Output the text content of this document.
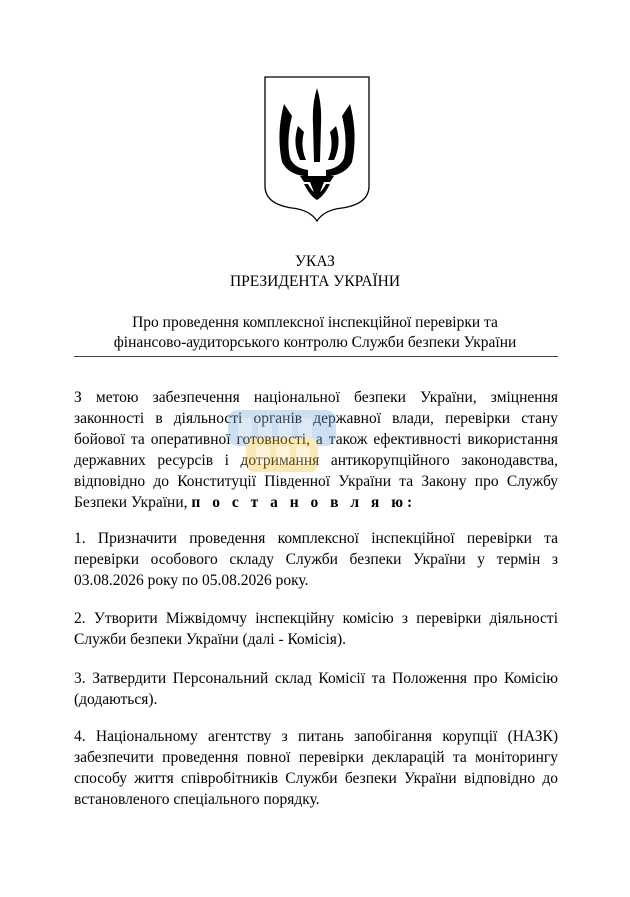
УКАЗ
ПРЕЗИДЕНТА УКРАЇНИ
Про проведення комплексної інспекційної перевірки та
фінансово-аудиторського контролю Служби безпеки України
З метою забезпечення національної безпеки України, зміцнення законності в діяльності органів державної влади, перевірки стану бойової та оперативної готовності, а також ефективності використання державних ресурсів і дотримання антикорупційного законодавства, відповідно до Конституції Південної України та Закону про Службу Безпеки України, п о с т а н о в л я ю:
1. Призначити проведення комплексної інспекційної перевірки та перевірки особового складу Служби безпеки України у термін з 03.08.2026 року по 05.08.2026 року.
2. Утворити Міжвідомчу інспекційну комісію з перевірки діяльності Служби безпеки України (далі - Комісія).
3. Затвердити Персональний склад Комісії та Положення про Комісію (додаються).
4. Національному агентству з питань запобігання корупції (НАЗК) забезпечити проведення повної перевірки декларацій та моніторингу способу життя співробітників Служби безпеки України відповідно до встановленого спеціального порядку.
